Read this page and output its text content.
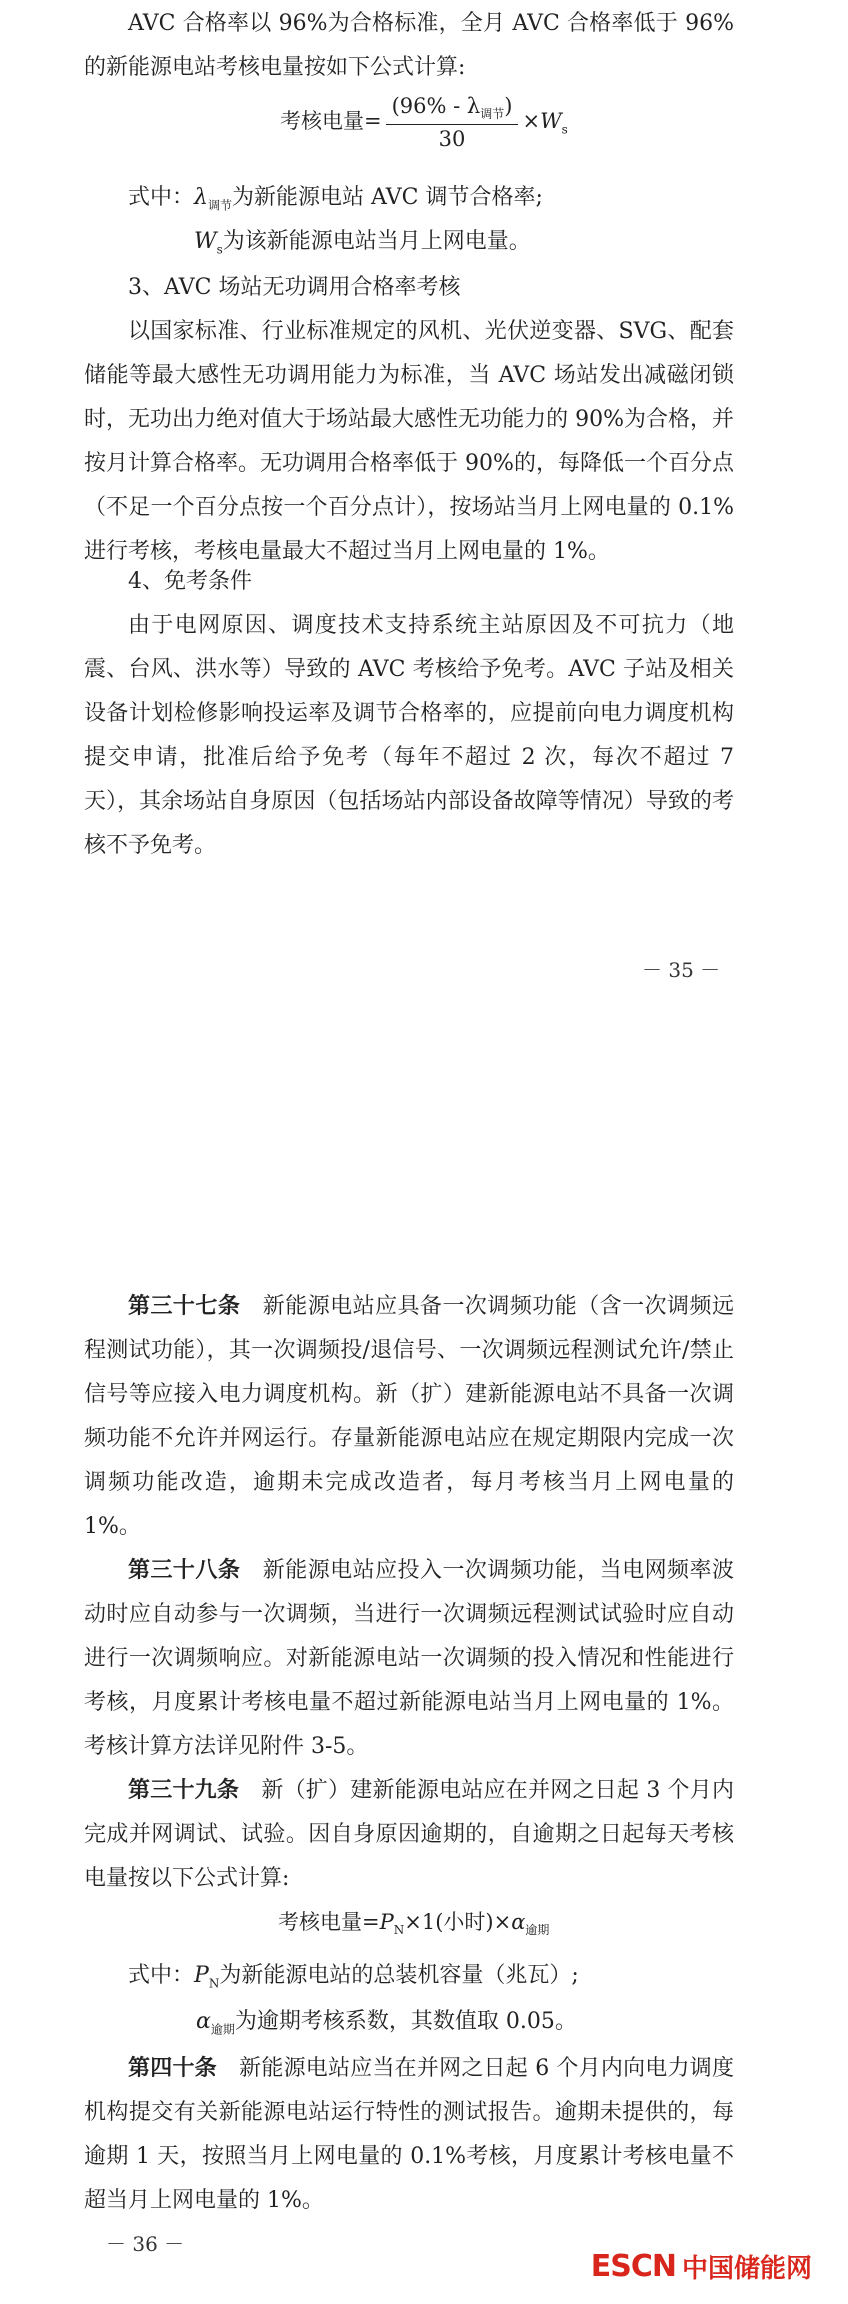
AVC 合格率以 96%为合格标准，全月 AVC 合格率低于 96%的新能源电站考核电量按如下公式计算:

考核电量= $\frac{(96\% - \lambda_{调节})}{30} \times W_s$
式中：$\lambda_{调节}$为新能源电站 AVC 调节合格率;
$W_s$为该新能源电站当月上网电量。

3、AVC 场站无功调用合格率考核

以国家标准、行业标准规定的风机、光伏逆变器、SVG、配套储能等最大感性无功调用能力为标准，当 AVC 场站发出减磁闭锁时，无功出力绝对值大于场站最大感性无功能力的 90%为合格，并按月计算合格率。无功调用合格率低于 90%的，每降低一个百分点（不足一个百分点按一个百分点计），按场站当月上网电量的 0.1%进行考核，考核电量最大不超过当月上网电量的 1%。

4、免考条件

由于电网原因、调度技术支持系统主站原因及不可抗力（地震、台风、洪水等）导致的 AVC 考核给予免考。AVC 子站及相关设备计划检修影响投运率及调节合格率的，应提前向电力调度机构提交申请，批准后给予免考（每年不超过 2 次，每次不超过 7 天），其余场站自身原因（包括场站内部设备故障等情况）导致的考核不予免考。

－ 35 －

第三十七条　 新能源电站应具备一次调频功能（含一次调频远程测试功能），其一次调频投/退信号、一次调频远程测试允许/禁止信号等应接入电力调度机构。新（扩）建新能源电站不具备一次调频功能不允许并网运行。存量新能源电站应在规定期限内完成一次调频功能改造，逾期未完成改造者，每月考核当月上网电量的 1%。

第三十八条　 新能源电站应投入一次调频功能，当电网频率波动时应自动参与一次调频，当进行一次调频远程测试试验时应自动进行一次调频响应。对新能源电站一次调频的投入情况和性能进行考核，月度累计考核电量不超过新能源电站当月上网电量的 1%。考核计算方法详见附件 3-5。

第三十九条　 新（扩）建新能源电站应在并网之日起 3 个月内完成并网调试、试验。因自身原因逾期的，自逾期之日起每天考核电量按以下公式计算:

考核电量$=P_N\times 1$(小时)$\times\alpha_{逾期}$
式中：$P_N$为新能源电站的总装机容量（兆瓦）;
$\alpha_{逾期}$为逾期考核系数，其数值取 0.05。

第四十条　 新能源电站应当在并网之日起 6 个月内向电力调度机构提交有关新能源电站运行特性的测试报告。逾期未提供的，每逾期 1 天，按照当月上网电量的 0.1%考核，月度累计考核电量不超当月上网电量的 1%。

－ 36 －
ESCN 中国储能网
